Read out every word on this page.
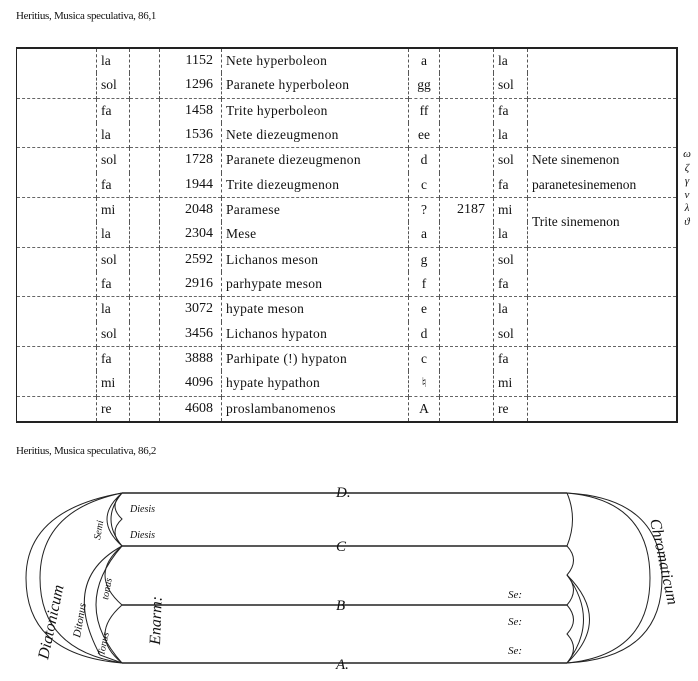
Heritius, Musica speculativa, 86,1
	la		1152	Nete hyperboleon	a		la	
	sol		1296	Paranete hyperboleon	gg		sol	
	fa		1458	Trite hyperboleon	ff		fa	
	la		1536	Nete diezeugmenon	ee		la	
	sol		1728	Paranete diezeugmenon	d		sol	Nete sinemenon
	fa		1944	Trite diezeugmenon	c		fa	paranetesinemenon
	mi		2048	Paramese	?	2187	mi	Trite sinemenon
	la		2304	Mese	a		la	
	sol		2592	Lichanos meson	g		sol	
	fa		2916	parhypate meson	f		fa	
	la		3072	hypate meson	e		la	
	sol		3456	Lichanos hypaton	d		sol	
	fa		3888	Parhipate (!) hypaton	c		fa	
	mi		4096	hypate hypathon	♮		mi	
	re		4608	proslambanomenos	A		re	
ω
ζ
γ
ν
λ
ϑ
Heritius, Musica speculativa, 86,2
D.
C
B
A.
Diesis
Diesis
Se:
Se:
Se:
Diatonicum Ditonus
Semi
tonus
Tonus Enarm:
Chromaticum
